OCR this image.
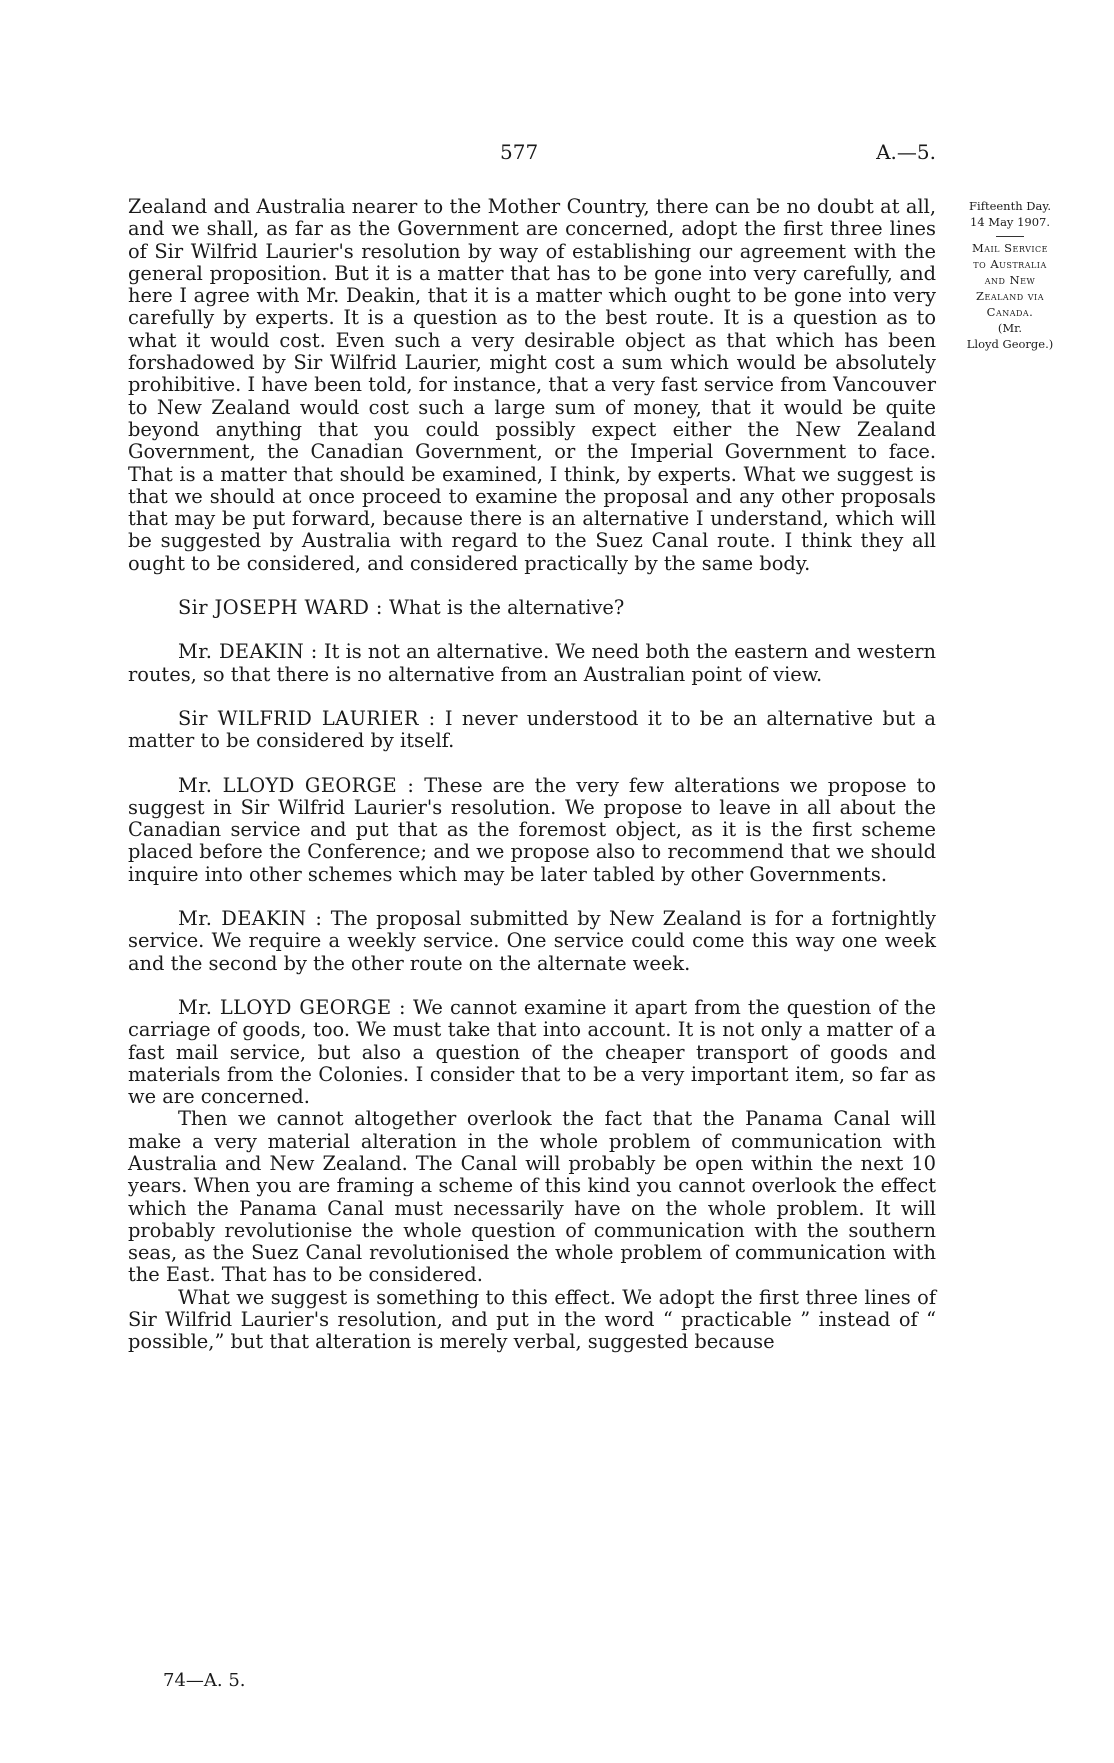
577	A.—5.

Zealand and Australia nearer to the Mother Country, there can be no doubt at all, and we shall, as far as the Government are concerned, adopt the first three lines of Sir Wilfrid Laurier's resolution by way of establishing our agreement with the general proposition. But it is a matter that has to be gone into very carefully, and here I agree with Mr. Deakin, that it is a matter which ought to be gone into very carefully by experts. It is a question as to the best route. It is a question as to what it would cost. Even such a very desirable object as that which has been forshadowed by Sir Wilfrid Laurier, might cost a sum which would be absolutely prohibitive. I have been told, for instance, that a very fast service from Vancouver to New Zealand would cost such a large sum of money, that it would be quite beyond anything that you could possibly expect either the New Zealand Government, the Canadian Government, or the Imperial Government to face. That is a matter that should be examined, I think, by experts. What we suggest is that we should at once proceed to examine the proposal and any other proposals that may be put forward, because there is an alternative I understand, which will be suggested by Australia with regard to the Suez Canal route. I think they all ought to be considered, and considered practically by the same body.

Sir JOSEPH WARD : What is the alternative?

Mr. DEAKIN : It is not an alternative. We need both the eastern and western routes, so that there is no alternative from an Australian point of view.

Sir WILFRID LAURIER : I never understood it to be an alternative but a matter to be considered by itself.

Mr. LLOYD GEORGE : These are the very few alterations we propose to suggest in Sir Wilfrid Laurier's resolution. We propose to leave in all about the Canadian service and put that as the foremost object, as it is the first scheme placed before the Conference; and we propose also to recommend that we should inquire into other schemes which may be later tabled by other Governments.

Mr. DEAKIN : The proposal submitted by New Zealand is for a fortnightly service. We require a weekly service. One service could come this way one week and the second by the other route on the alternate week.

Mr. LLOYD GEORGE : We cannot examine it apart from the question of the carriage of goods, too. We must take that into account. It is not only a matter of a fast mail service, but also a question of the cheaper transport of goods and materials from the Colonies. I consider that to be a very important item, so far as we are concerned.

Then we cannot altogether overlook the fact that the Panama Canal will make a very material alteration in the whole problem of communication with Australia and New Zealand. The Canal will probably be open within the next 10 years. When you are framing a scheme of this kind you cannot overlook the effect which the Panama Canal must necessarily have on the whole problem. It will probably revolutionise the whole question of communication with the southern seas, as the Suez Canal revolutionised the whole problem of communication with the East. That has to be considered.

What we suggest is something to this effect. We adopt the first three lines of Sir Wilfrid Laurier's resolution, and put in the word “ practicable ” instead of “ possible,” but that alteration is merely verbal, suggested because

Fifteenth Day.
14 May 1907.
Mail Service
to Australia
and New
Zealand via
Canada.
(Mr.
Lloyd George.)
74—A. 5.
